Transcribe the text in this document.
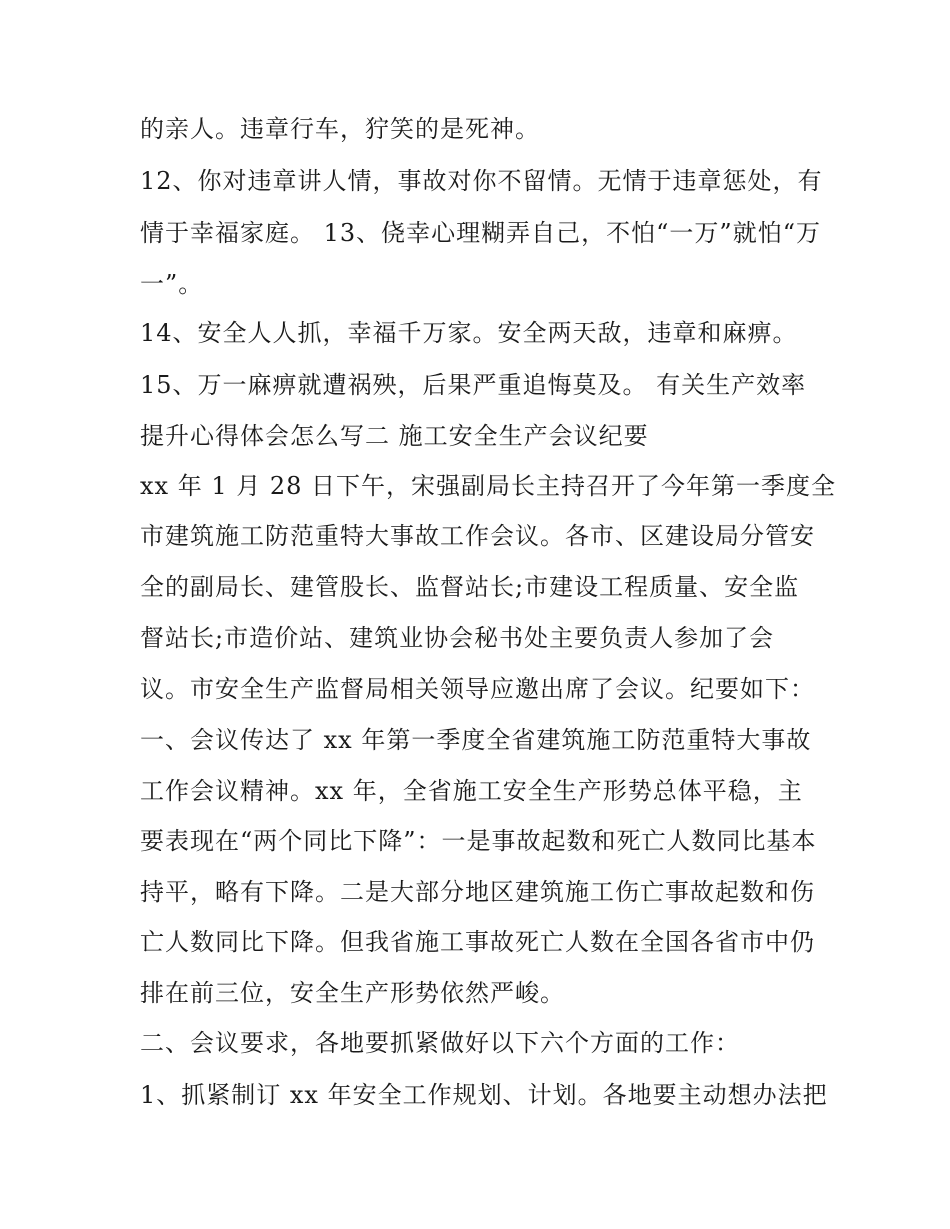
的亲人。违章行车，狞笑的是死神。
12、你对违章讲人情，事故对你不留情。无情于违章惩处，有
情于幸福家庭。 13、侥幸心理糊弄自己，不怕“一万”就怕“万
一”。
14、安全人人抓，幸福千万家。安全两天敌，违章和麻痹。
15、万一麻痹就遭祸殃，后果严重追悔莫及。 有关生产效率
提升心得体会怎么写二 施工安全生产会议纪要
xx 年 1 月 28 日下午，宋强副局长主持召开了今年第一季度全
市建筑施工防范重特大事故工作会议。各市、区建设局分管安
全的副局长、建管股长、监督站长;市建设工程质量、安全监
督站长;市造价站、建筑业协会秘书处主要负责人参加了会
议。市安全生产监督局相关领导应邀出席了会议。纪要如下：
一、会议传达了 xx 年第一季度全省建筑施工防范重特大事故
工作会议精神。xx 年，全省施工安全生产形势总体平稳，主
要表现在“两个同比下降”：一是事故起数和死亡人数同比基本
持平，略有下降。二是大部分地区建筑施工伤亡事故起数和伤
亡人数同比下降。但我省施工事故死亡人数在全国各省市中仍
排在前三位，安全生产形势依然严峻。
二、会议要求，各地要抓紧做好以下六个方面的工作：
1、抓紧制订 xx 年安全工作规划、计划。各地要主动想办法把
